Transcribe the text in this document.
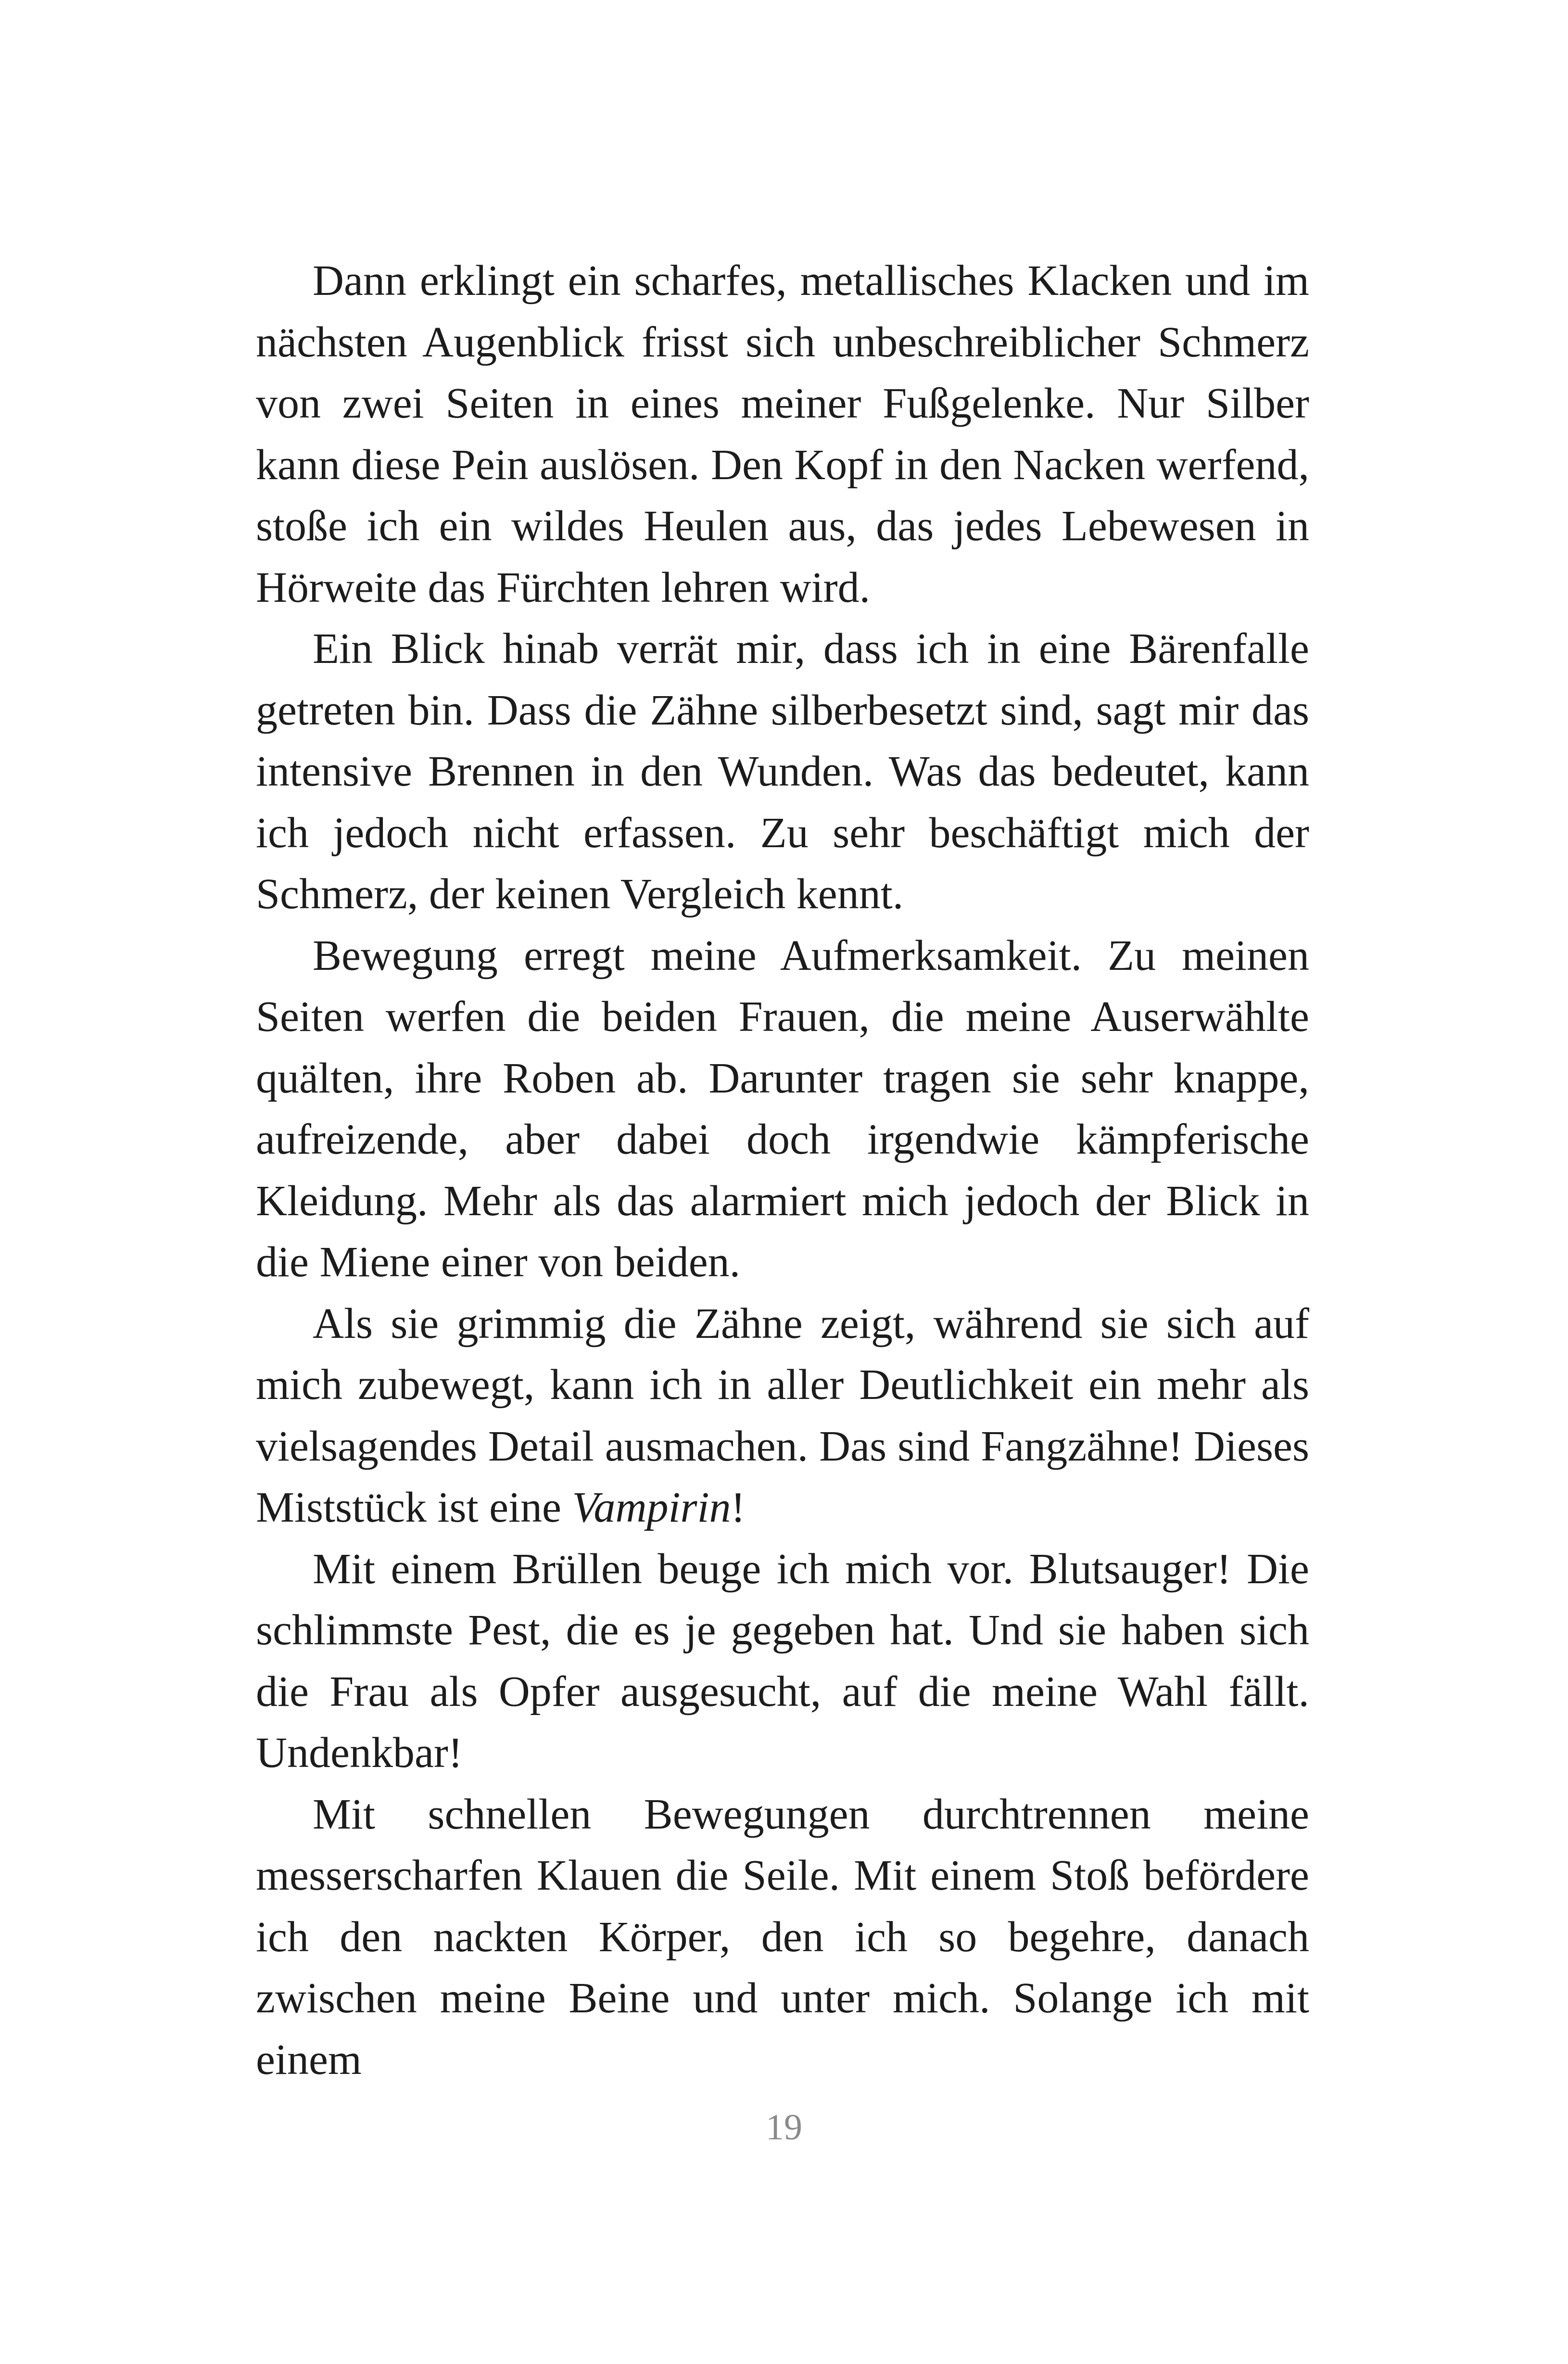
Dann erklingt ein scharfes, metallisches Klacken und im nächsten Augenblick frisst sich unbeschreiblicher Schmerz von zwei Seiten in eines meiner Fußgelenke. Nur Silber kann diese Pein auslösen. Den Kopf in den Nacken werfend, stoße ich ein wildes Heulen aus, das jedes Lebewesen in Hörweite das Fürchten lehren wird.

Ein Blick hinab verrät mir, dass ich in eine Bärenfalle getreten bin. Dass die Zähne silberbesetzt sind, sagt mir das intensive Brennen in den Wunden. Was das bedeutet, kann ich jedoch nicht erfassen. Zu sehr beschäftigt mich der Schmerz, der keinen Vergleich kennt.

Bewegung erregt meine Aufmerksamkeit. Zu meinen Seiten werfen die beiden Frauen, die meine Auserwählte quälten, ihre Roben ab. Darunter tragen sie sehr knappe, aufreizende, aber dabei doch irgendwie kämpferische Kleidung. Mehr als das alarmiert mich jedoch der Blick in die Miene einer von beiden.

Als sie grimmig die Zähne zeigt, während sie sich auf mich zubewegt, kann ich in aller Deutlichkeit ein mehr als vielsagendes Detail ausmachen. Das sind Fangzähne! Dieses Miststück ist eine Vampirin!

Mit einem Brüllen beuge ich mich vor. Blutsauger! Die schlimmste Pest, die es je gegeben hat. Und sie haben sich die Frau als Opfer ausgesucht, auf die meine Wahl fällt. Undenkbar!

Mit schnellen Bewegungen durchtrennen meine messerscharfen Klauen die Seile. Mit einem Stoß befördere ich den nackten Körper, den ich so begehre, danach zwischen meine Beine und unter mich. Solange ich mit einem

19
